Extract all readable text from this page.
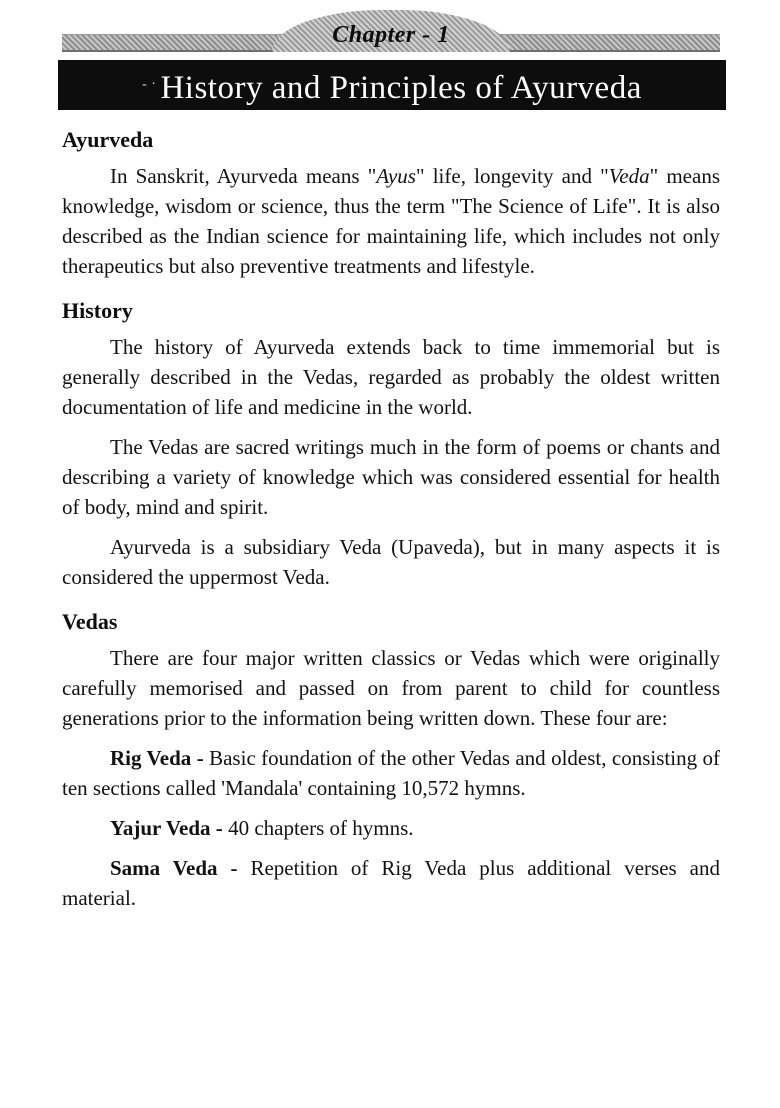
Chapter - 1
- · History and Principles of Ayurveda
Ayurveda

In Sanskrit, Ayurveda means "Ayus" life, longevity and "Veda" means knowledge, wisdom or science, thus the term "The Science of Life". It is also described as the Indian science for maintaining life, which includes not only therapeutics but also preventive treatments and lifestyle.

History

The history of Ayurveda extends back to time immemorial but is generally described in the Vedas, regarded as probably the oldest written documentation of life and medicine in the world.

The Vedas are sacred writings much in the form of poems or chants and describing a variety of knowledge which was considered essential for health of body, mind and spirit.

Ayurveda is a subsidiary Veda (Upaveda), but in many aspects it is considered the uppermost Veda.

Vedas

There are four major written classics or Vedas which were originally carefully memorised and passed on from parent to child for countless generations prior to the information being written down. These four are:

Rig Veda - Basic foundation of the other Vedas and oldest, consisting of ten sections called 'Mandala' containing 10,572 hymns.

Yajur Veda - 40 chapters of hymns.

Sama Veda - Repetition of Rig Veda plus additional verses and material.
